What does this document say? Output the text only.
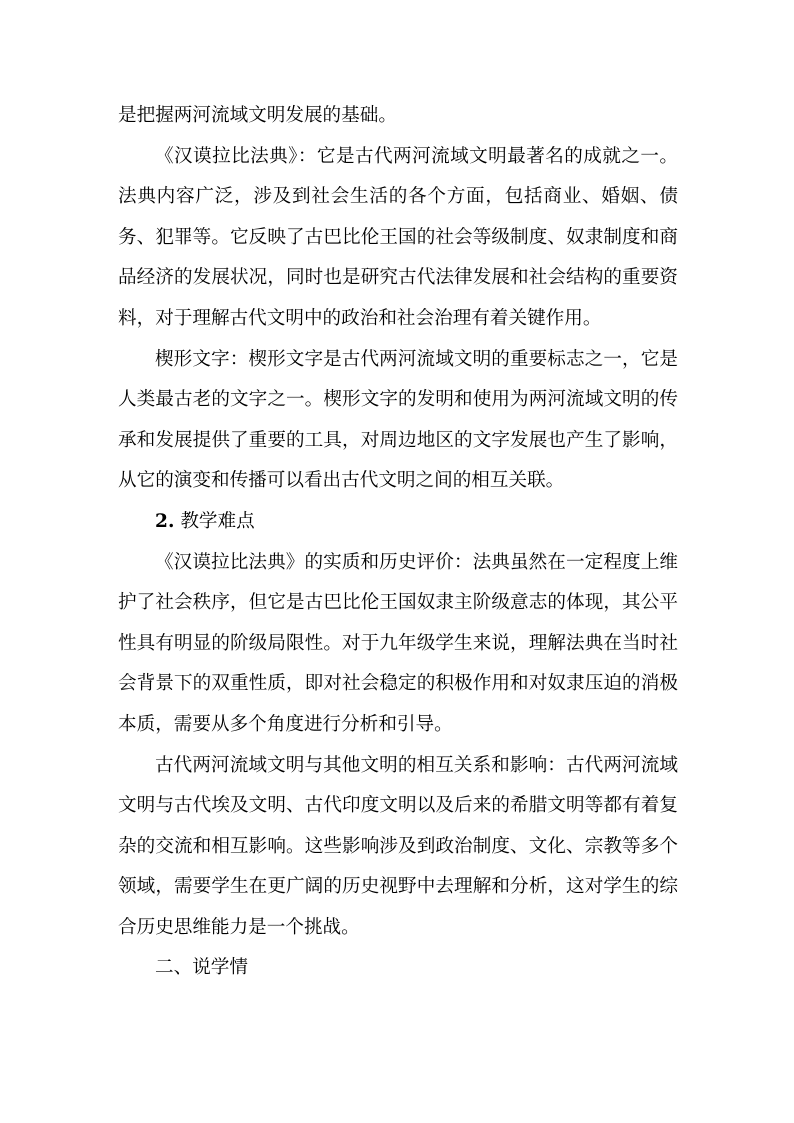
是把握两河流域文明发展的基础。

《汉谟拉比法典》：它是古代两河流域文明最著名的成就之一。法典内容广泛，涉及到社会生活的各个方面，包括商业、婚姻、债务、犯罪等。它反映了古巴比伦王国的社会等级制度、奴隶制度和商品经济的发展状况，同时也是研究古代法律发展和社会结构的重要资料，对于理解古代文明中的政治和社会治理有着关键作用。

楔形文字：楔形文字是古代两河流域文明的重要标志之一，它是人类最古老的文字之一。楔形文字的发明和使用为两河流域文明的传承和发展提供了重要的工具，对周边地区的文字发展也产生了影响，从它的演变和传播可以看出古代文明之间的相互关联。

2. 教学难点

《汉谟拉比法典》的实质和历史评价：法典虽然在一定程度上维护了社会秩序，但它是古巴比伦王国奴隶主阶级意志的体现，其公平性具有明显的阶级局限性。对于九年级学生来说，理解法典在当时社会背景下的双重性质，即对社会稳定的积极作用和对奴隶压迫的消极本质，需要从多个角度进行分析和引导。

古代两河流域文明与其他文明的相互关系和影响：古代两河流域文明与古代埃及文明、古代印度文明以及后来的希腊文明等都有着复杂的交流和相互影响。这些影响涉及到政治制度、文化、宗教等多个领域，需要学生在更广阔的历史视野中去理解和分析，这对学生的综合历史思维能力是一个挑战。

二、说学情
